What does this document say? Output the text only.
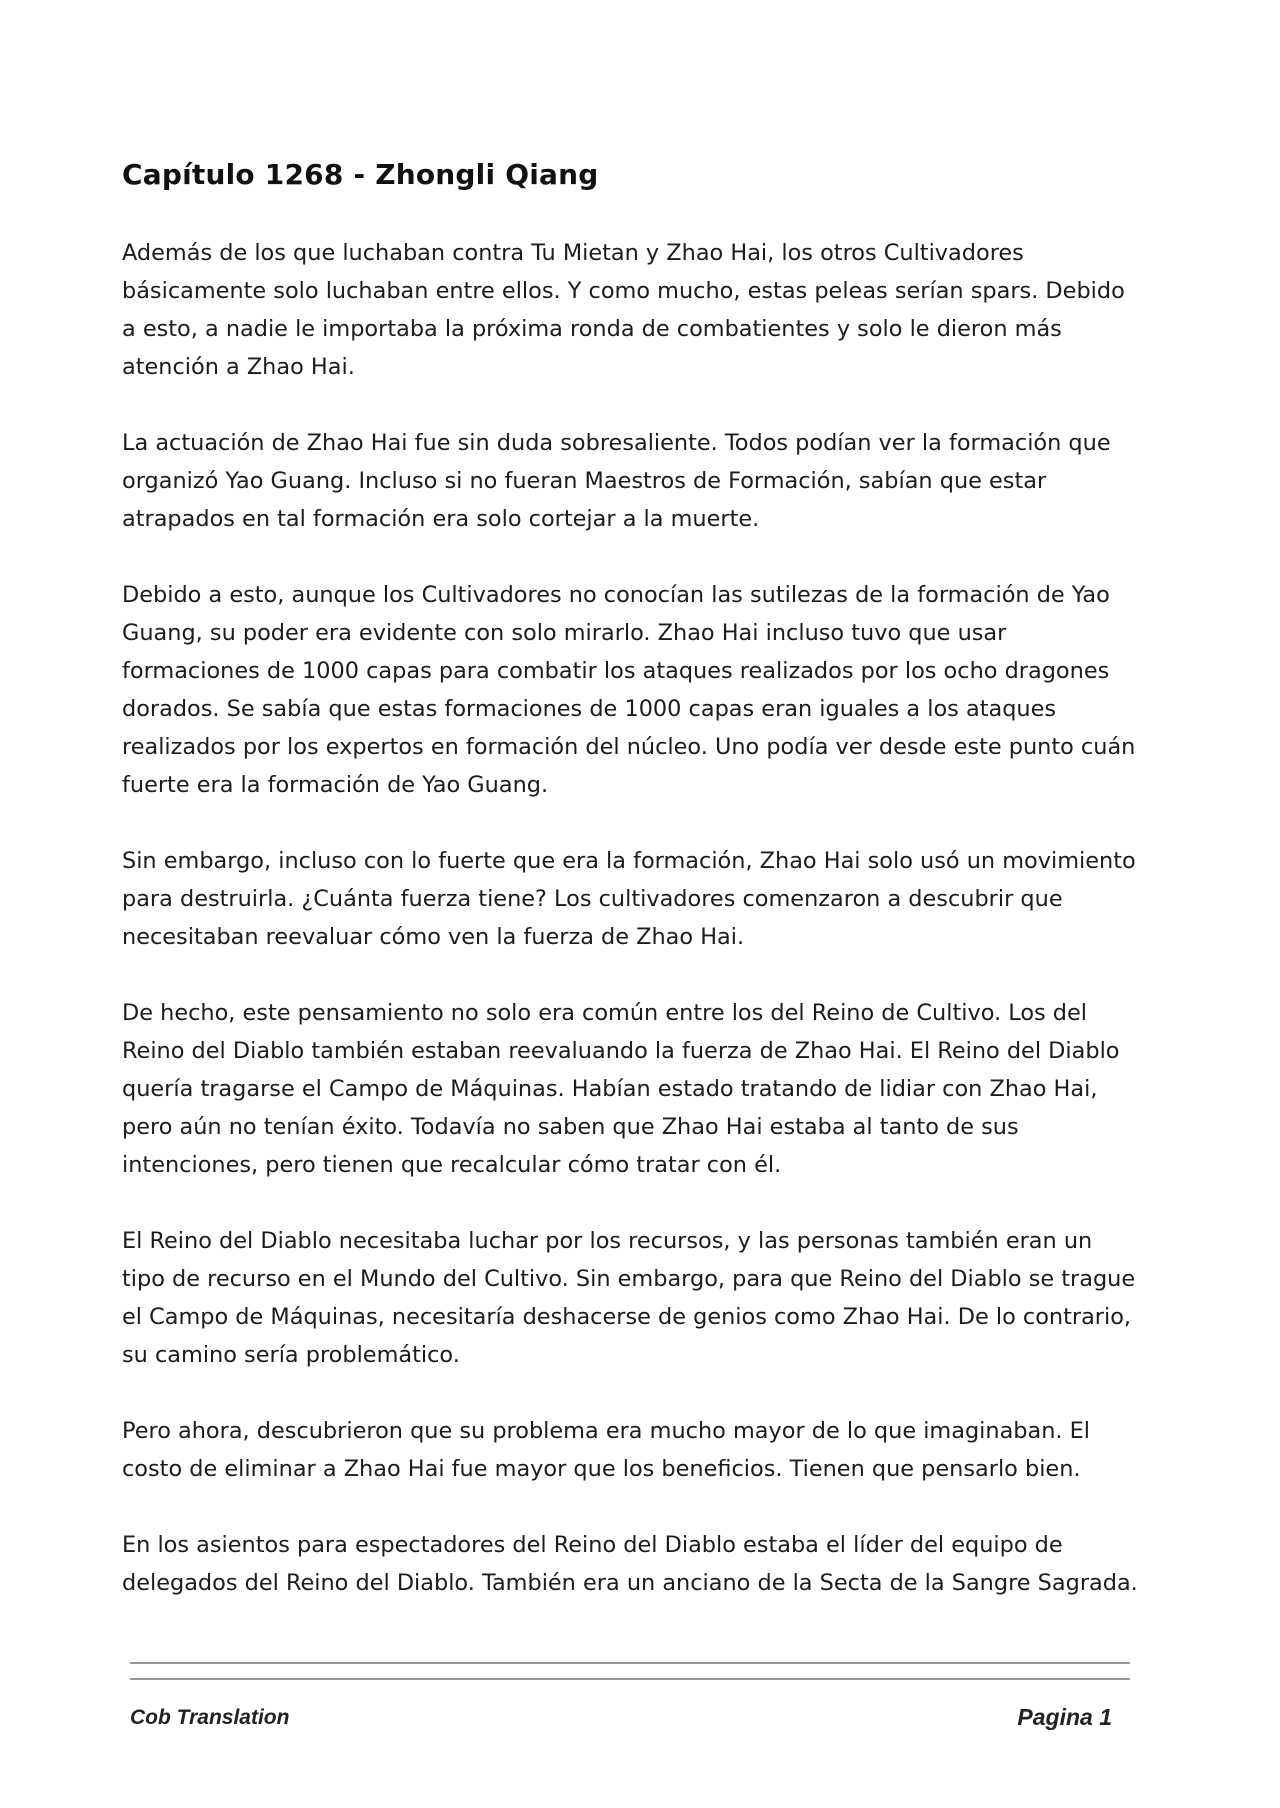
Capítulo 1268 - Zhongli Qiang

Además de los que luchaban contra Tu Mietan y Zhao Hai, los otros Cultivadores básicamente solo luchaban entre ellos. Y como mucho, estas peleas serían spars. Debido a esto, a nadie le importaba la próxima ronda de combatientes y solo le dieron más atención a Zhao Hai.

La actuación de Zhao Hai fue sin duda sobresaliente. Todos podían ver la formación que organizó Yao Guang. Incluso si no fueran Maestros de Formación, sabían que estar atrapados en tal formación era solo cortejar a la muerte.

Debido a esto, aunque los Cultivadores no conocían las sutilezas de la formación de Yao Guang, su poder era evidente con solo mirarlo. Zhao Hai incluso tuvo que usar formaciones de 1000 capas para combatir los ataques realizados por los ocho dragones dorados. Se sabía que estas formaciones de 1000 capas eran iguales a los ataques realizados por los expertos en formación del núcleo. Uno podía ver desde este punto cuán fuerte era la formación de Yao Guang.

Sin embargo, incluso con lo fuerte que era la formación, Zhao Hai solo usó un movimiento para destruirla. ¿Cuánta fuerza tiene? Los cultivadores comenzaron a descubrir que necesitaban reevaluar cómo ven la fuerza de Zhao Hai.

De hecho, este pensamiento no solo era común entre los del Reino de Cultivo. Los del Reino del Diablo también estaban reevaluando la fuerza de Zhao Hai. El Reino del Diablo quería tragarse el Campo de Máquinas. Habían estado tratando de lidiar con Zhao Hai, pero aún no tenían éxito. Todavía no saben que Zhao Hai estaba al tanto de sus intenciones, pero tienen que recalcular cómo tratar con él.

El Reino del Diablo necesitaba luchar por los recursos, y las personas también eran un tipo de recurso en el Mundo del Cultivo. Sin embargo, para que Reino del Diablo se trague el Campo de Máquinas, necesitaría deshacerse de genios como Zhao Hai. De lo contrario, su camino sería problemático.

Pero ahora, descubrieron que su problema era mucho mayor de lo que imaginaban. El costo de eliminar a Zhao Hai fue mayor que los beneficios. Tienen que pensarlo bien.

En los asientos para espectadores del Reino del Diablo estaba el líder del equipo de delegados del Reino del Diablo. También era un anciano de la Secta de la Sangre Sagrada.

Cob Translation	Pagina 1
